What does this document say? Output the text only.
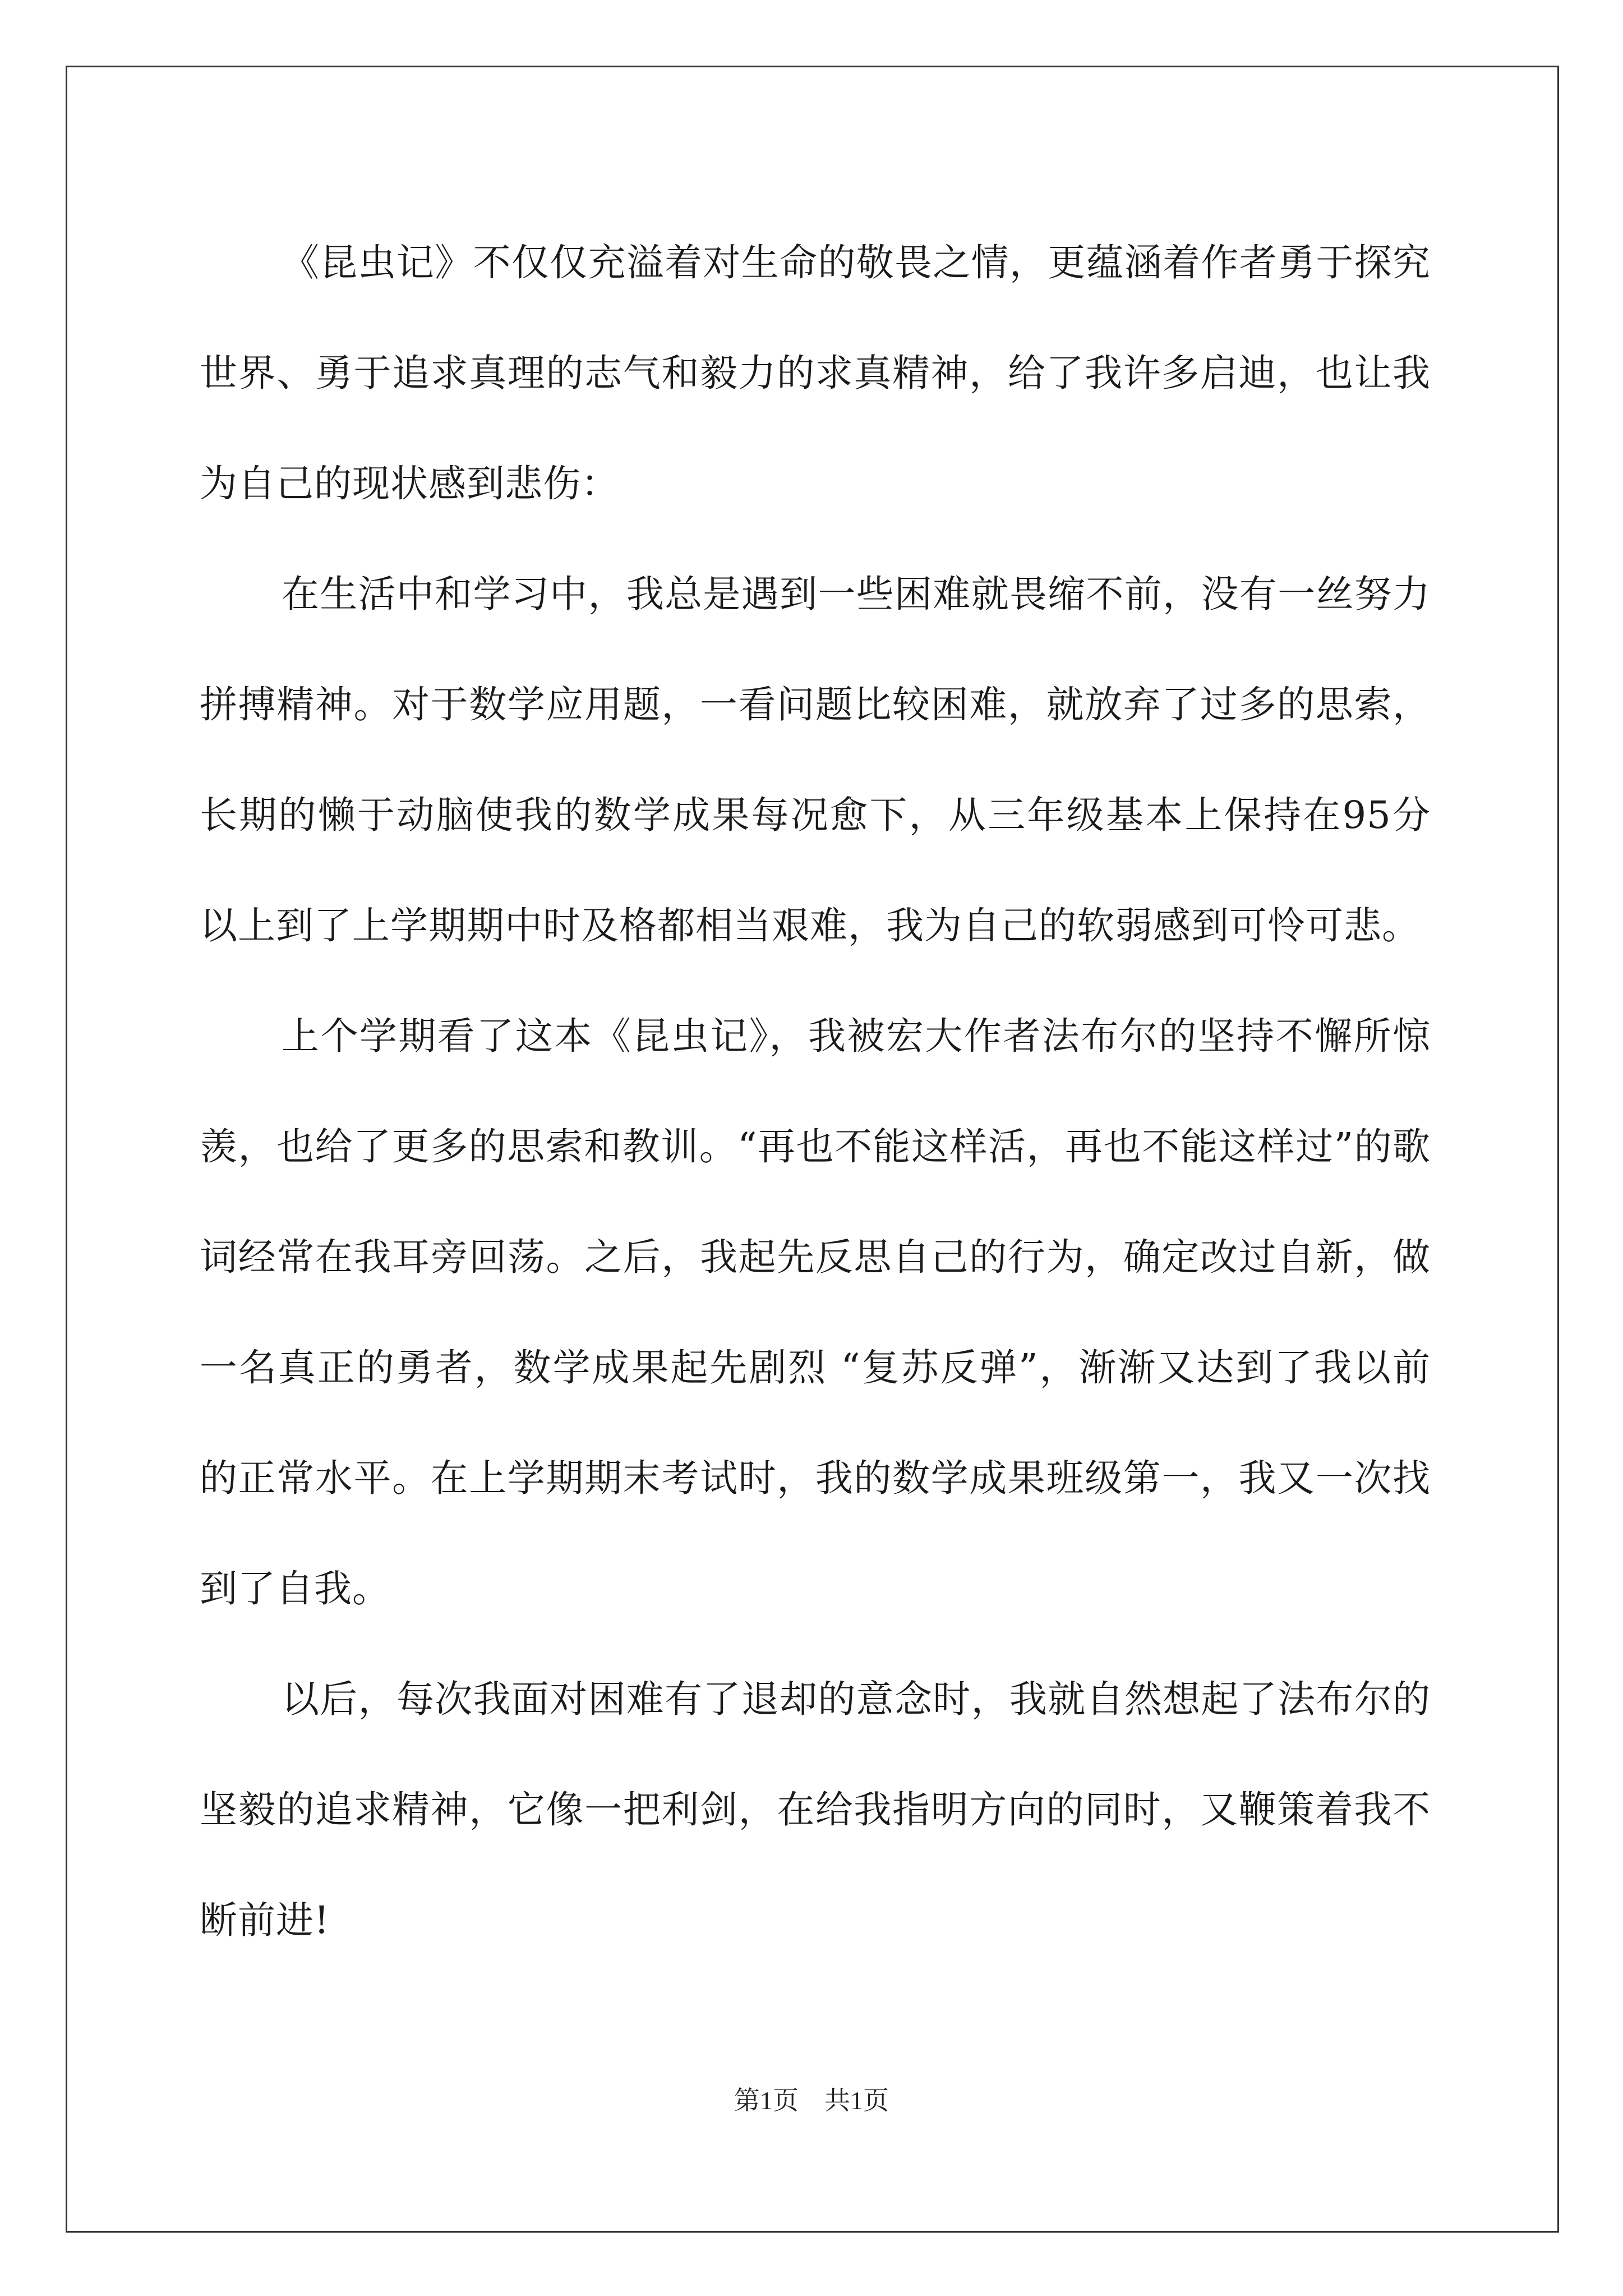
《昆虫记》不仅仅充溢着对生命的敬畏之情，更蕴涵着作者勇于探究世界、勇于追求真理的志气和毅力的求真精神，给了我许多启迪，也让我为自己的现状感到悲伤：

在生活中和学习中，我总是遇到一些困难就畏缩不前，没有一丝努力拼搏精神。对于数学应用题，一看问题比较困难，就放弃了过多的思索，长期的懒于动脑使我的数学成果每况愈下，从三年级基本上保持在95分以上到了上学期期中时及格都相当艰难，我为自己的软弱感到可怜可悲。

上个学期看了这本《昆虫记》，我被宏大作者法布尔的坚持不懈所惊羡，也给了更多的思索和教训。“再也不能这样活，再也不能这样过”的歌词经常在我耳旁回荡。之后，我起先反思自己的行为，确定改过自新，做一名真正的勇者，数学成果起先剧烈 “复苏反弹”，渐渐又达到了我以前的正常水平。在上学期期末考试时，我的数学成果班级第一，我又一次找到了自我。

以后，每次我面对困难有了退却的意念时，我就自然想起了法布尔的坚毅的追求精神，它像一把利剑，在给我指明方向的同时，又鞭策着我不断前进!

第1页　共1页
